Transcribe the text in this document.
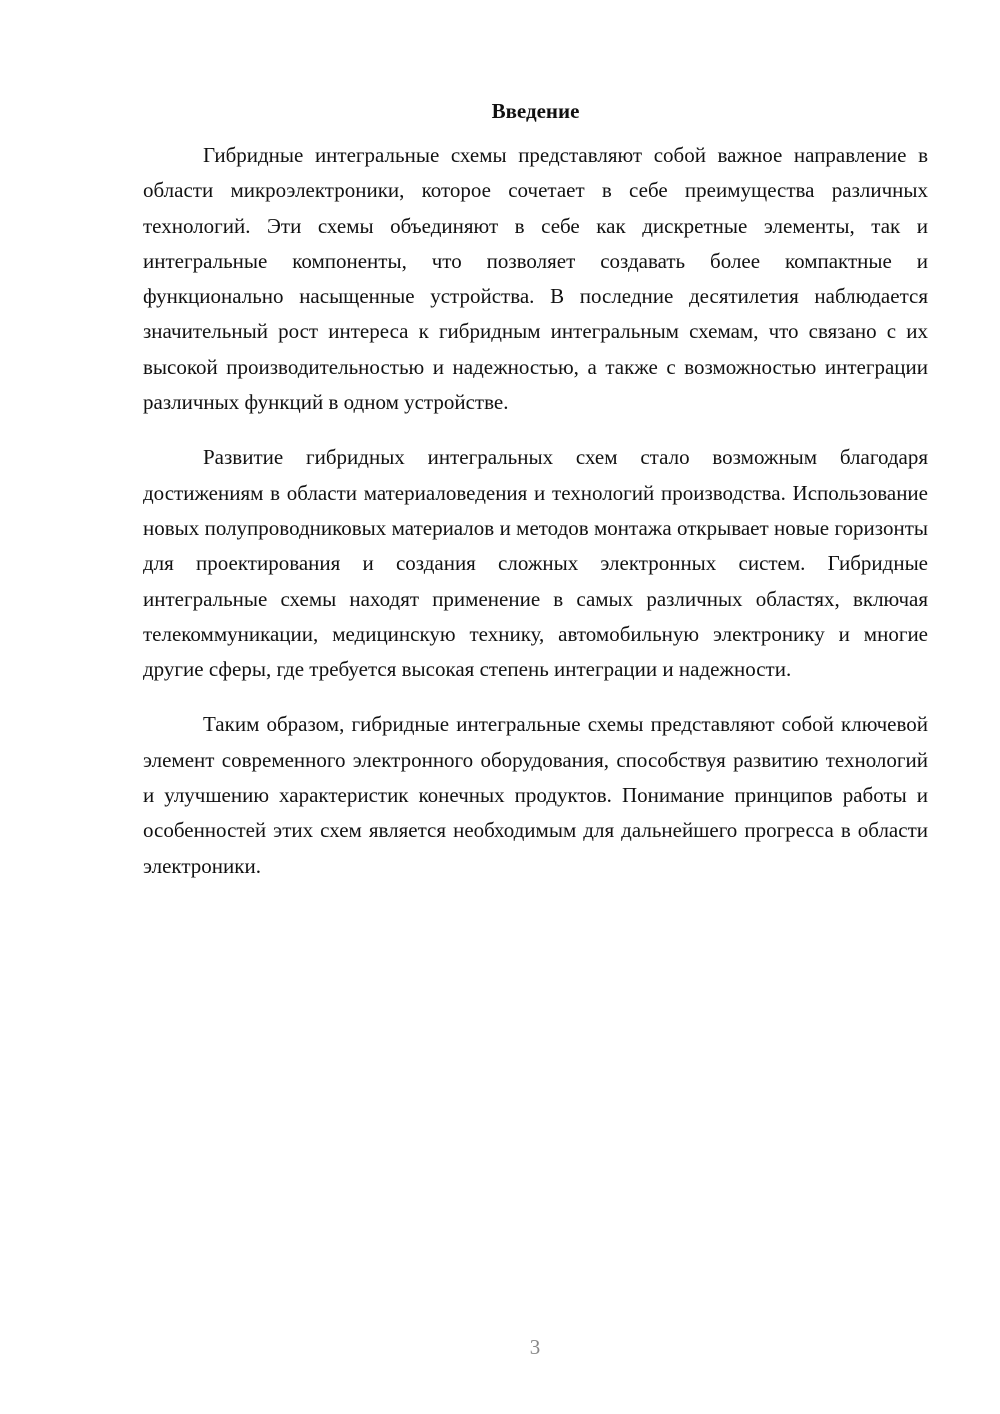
Введение

Гибридные интегральные схемы представляют собой важное направление в области микроэлектроники, которое сочетает в себе преимущества различных технологий. Эти схемы объединяют в себе как дискретные элементы, так и интегральные компоненты, что позволяет создавать более компактные и функционально насыщенные устройства. В последние десятилетия наблюдается значительный рост интереса к гибридным интегральным схемам, что связано с их высокой производительностью и надежностью, а также с возможностью интеграции различных функций в одном устройстве.

Развитие гибридных интегральных схем стало возможным благодаря достижениям в области материаловедения и технологий производства. Использование новых полупроводниковых материалов и методов монтажа открывает новые горизонты для проектирования и создания сложных электронных систем. Гибридные интегральные схемы находят применение в самых различных областях, включая телекоммуникации, медицинскую технику, автомобильную электронику и многие другие сферы, где требуется высокая степень интеграции и надежности.

Таким образом, гибридные интегральные схемы представляют собой ключевой элемент современного электронного оборудования, способствуя развитию технологий и улучшению характеристик конечных продуктов. Понимание принципов работы и особенностей этих схем является необходимым для дальнейшего прогресса в области электроники.

3
